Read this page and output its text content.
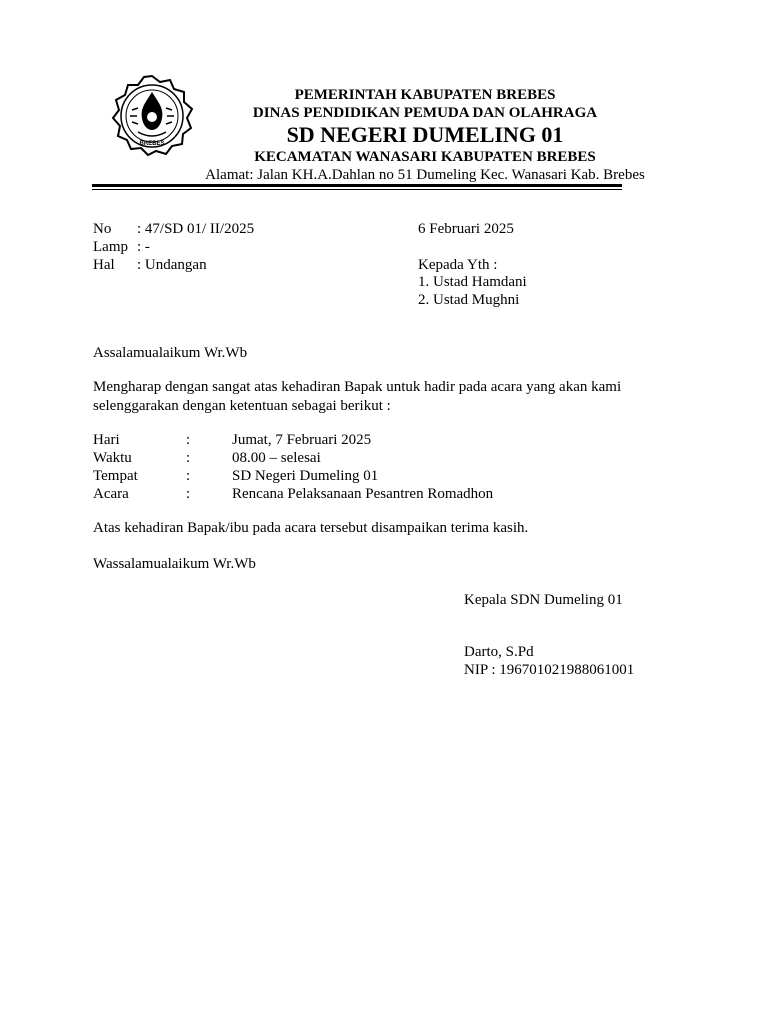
BREBES
PEMERINTAH KABUPATEN BREBES
DINAS PENDIDIKAN PEMUDA DAN OLAHRAGA
SD NEGERI DUMELING 01
KECAMATAN WANASARI KABUPATEN BREBES
Alamat: Jalan KH.A.Dahlan no 51 Dumeling Kec. Wanasari Kab. Brebes
No : 47/SD 01/ II/2025
Lamp : -
Hal : Undangan
6 Februari 2025
Kepada Yth :
1. Ustad Hamdani
2. Ustad Mughni
Assalamualaikum Wr.Wb
Mengharap dengan sangat atas kehadiran Bapak untuk hadir pada acara yang akan kami
selenggarakan dengan ketentuan sebagai berikut :
Hari	:	Jumat, 7 Februari 2025
Waktu	:	08.00 – selesai
Tempat	:	SD Negeri Dumeling 01
Acara	:	Rencana Pelaksanaan Pesantren Romadhon
Atas kehadiran Bapak/ibu pada acara tersebut disampaikan terima kasih.
Wassalamualaikum Wr.Wb
Kepala SDN Dumeling 01
Darto, S.Pd
NIP : 196701021988061001
